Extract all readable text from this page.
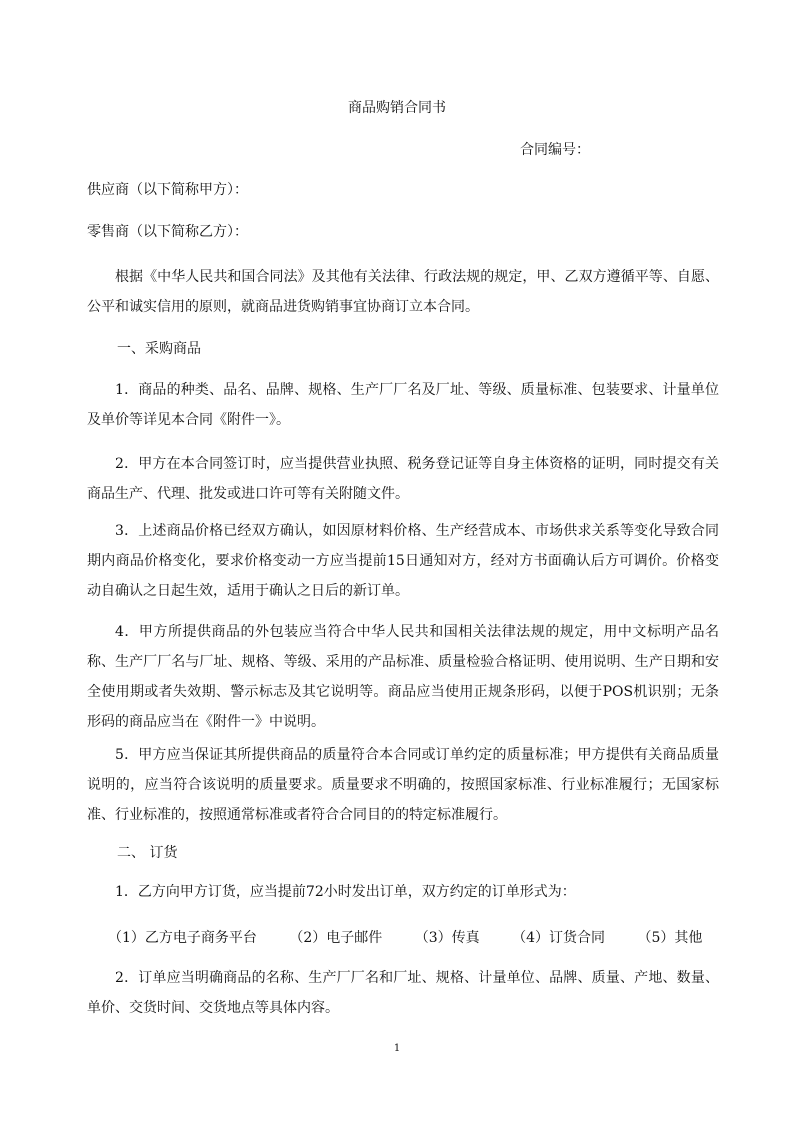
商品购销合同书
合同编号：
供应商（以下简称甲方）：
零售商（以下简称乙方）：

根据《中华人民共和国合同法》及其他有关法律、行政法规的规定，甲、乙双方遵循平等、自愿、公平和诚实信用的原则，就商品进货购销事宜协商订立本合同。

一、采购商品

1．商品的种类、品名、品牌、规格、生产厂厂名及厂址、等级、质量标准、包装要求、计量单位及单价等详见本合同《附件一》。

2．甲方在本合同签订时，应当提供营业执照、税务登记证等自身主体资格的证明，同时提交有关商品生产、代理、批发或进口许可等有关附随文件。

3．上述商品价格已经双方确认，如因原材料价格、生产经营成本、市场供求关系等变化导致合同期内商品价格变化，要求价格变动一方应当提前15日通知对方，经对方书面确认后方可调价。价格变动自确认之日起生效，适用于确认之日后的新订单。

4．甲方所提供商品的外包装应当符合中华人民共和国相关法律法规的规定，用中文标明产品名称、生产厂厂名与厂址、规格、等级、采用的产品标准、质量检验合格证明、使用说明、生产日期和安全使用期或者失效期、警示标志及其它说明等。商品应当使用正规条形码，以便于POS机识别；无条形码的商品应当在《附件一》中说明。

5．甲方应当保证其所提供商品的质量符合本合同或订单约定的质量标准；甲方提供有关商品质量说明的，应当符合该说明的质量要求。质量要求不明确的，按照国家标准、行业标准履行；无国家标准、行业标准的，按照通常标准或者符合合同目的的特定标准履行。

二、 订货

1．乙方向甲方订货，应当提前72小时发出订单，双方约定的订单形式为：

（1）乙方电子商务平台 （2）电子邮件 （3）传真 （4）订货合同 （5）其他

2．订单应当明确商品的名称、生产厂厂名和厂址、规格、计量单位、品牌、质量、产地、数量、单价、交货时间、交货地点等具体内容。

1
